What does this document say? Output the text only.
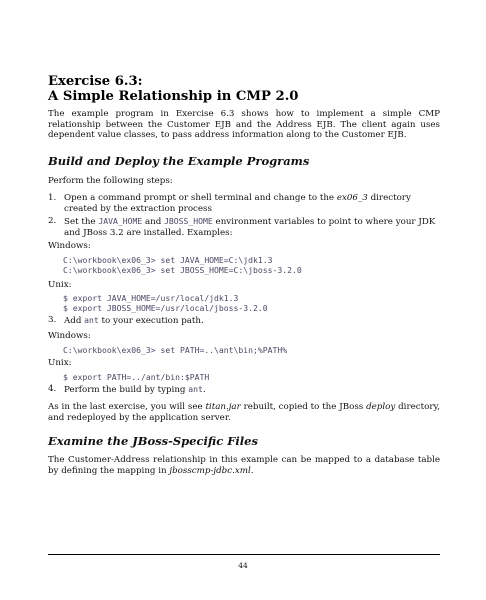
Exercise 6.3:
A Simple Relationship in CMP 2.0

The example program in Exercise 6.3 shows how to implement a simple CMP relationship between the Customer EJB and the Address EJB. The client again uses dependent value classes, to pass address information along to the Customer EJB.

Build and Deploy the Example Programs

Perform the following steps:

1. Open a command prompt or shell terminal and change to the ex06_3 directory created by the extraction process
2. Set the JAVA_HOME and JBOSS_HOME environment variables to point to where your JDK and JBoss 3.2 are installed. Examples:

Windows:

C:\workbook\ex06_3> set JAVA_HOME=C:\jdk1.3
C:\workbook\ex06_3> set JBOSS_HOME=C:\jboss-3.2.0

Unix:

$ export JAVA_HOME=/usr/local/jdk1.3
$ export JBOSS_HOME=/usr/local/jboss-3.2.0

3. Add ant to your execution path.

Windows:

C:\workbook\ex06_3> set PATH=..\ant\bin;%PATH%

Unix:

$ export PATH=../ant/bin:$PATH

4. Perform the build by typing ant.

As in the last exercise, you will see titan.jar rebuilt, copied to the JBoss deploy directory, and redeployed by the application server.

Examine the JBoss-Specific Files

The Customer-Address relationship in this example can be mapped to a database table by defining the mapping in jbosscmp-jdbc.xml.

44
